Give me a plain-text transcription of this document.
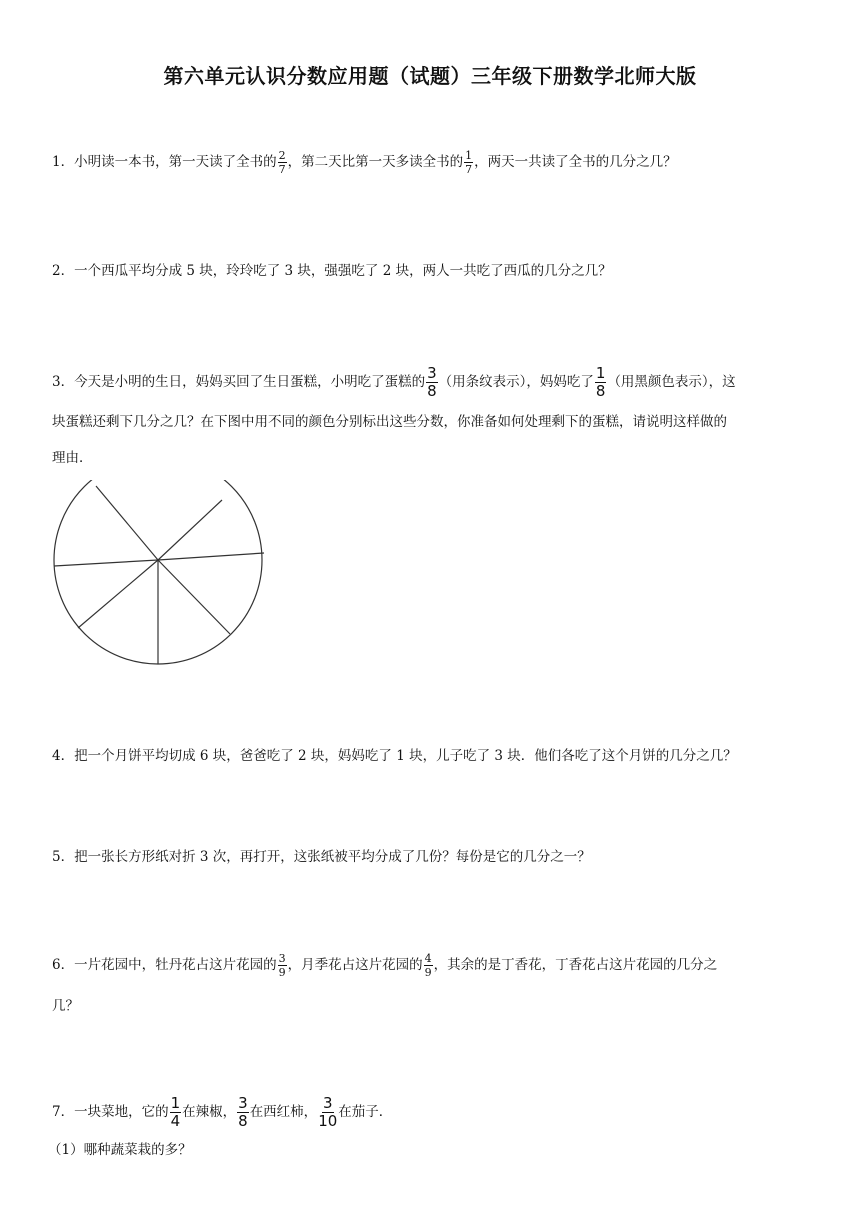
第六单元认识分数应用题（试题）三年级下册数学北师大版
1．小明读一本书，第一天读了全书的 $\frac{2}{7}$ ，第二天比第一天多读全书的 $\frac{1}{7}$ ，两天一共读了全书的几分之几？
2．一个西瓜平均分成 5 块，玲玲吃了 3 块，强强吃了 2 块，两人一共吃了西瓜的几分之几？
3．今天是小明的生日，妈妈买回了生日蛋糕，小明吃了蛋糕的 $\frac{3}{8}$ （用条纹表示），妈妈吃了 $\frac{1}{8}$ （用黑颜色表示），这
块蛋糕还剩下几分之几？在下图中用不同的颜色分别标出这些分数，你准备如何处理剩下的蛋糕，请说明这样做的
理由．
4．把一个月饼平均切成 6 块，爸爸吃了 2 块，妈妈吃了 1 块，儿子吃了 3 块．他们各吃了这个月饼的几分之几？
5．把一张长方形纸对折 3 次，再打开，这张纸被平均分成了几份？每份是它的几分之一？
6．一片花园中，牡丹花占这片花园的 $\frac{3}{9}$ ，月季花占这片花园的 $\frac{4}{9}$ ，其余的是丁香花，丁香花占这片花园的几分之
几？
7．一块菜地，它的 $\frac{1}{4}$ 在辣椒， $\frac{3}{8}$ 在西红柿， $\frac{3}{10}$ 在茄子．
（1）哪种蔬菜栽的多？
